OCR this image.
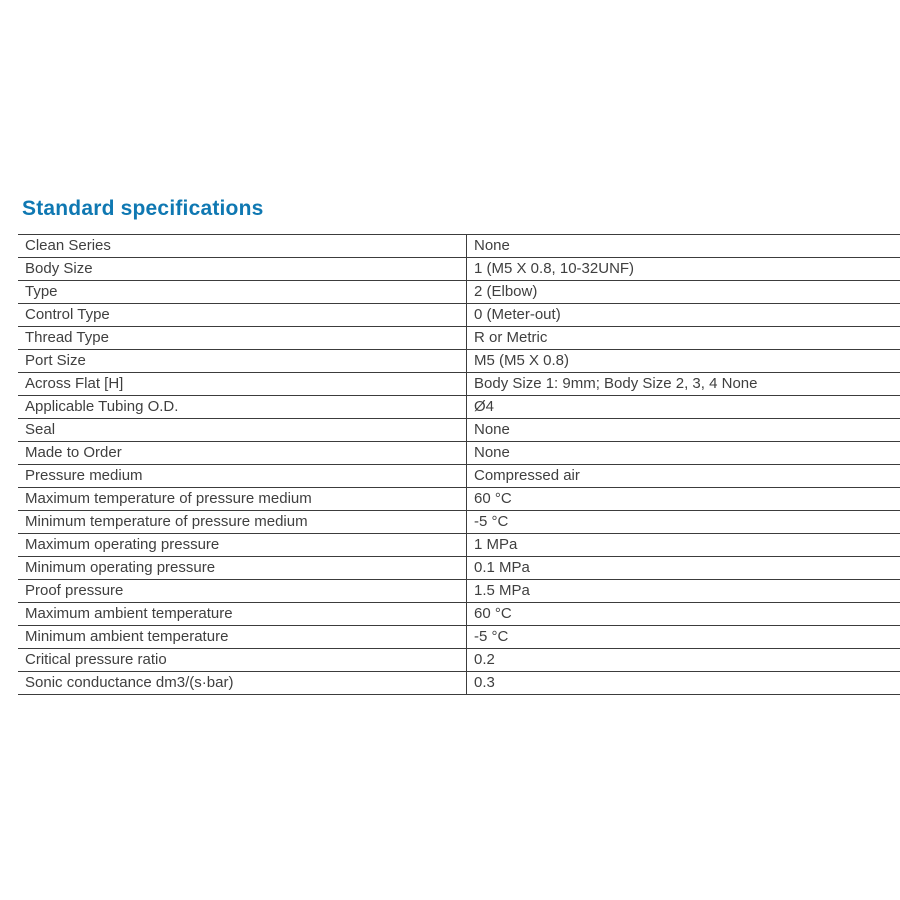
Standard specifications
Clean Series	None
Body Size	1 (M5 X 0.8, 10-32UNF)
Type	2 (Elbow)
Control Type	0 (Meter-out)
Thread Type	R or Metric
Port Size	M5 (M5 X 0.8)
Across Flat [H]	Body Size 1: 9mm; Body Size 2, 3, 4 None
Applicable Tubing O.D.	Ø4
Seal	None
Made to Order	None
Pressure medium	Compressed air
Maximum temperature of pressure medium	60 °C
Minimum temperature of pressure medium	-5 °C
Maximum operating pressure	1 MPa
Minimum operating pressure	0.1 MPa
Proof pressure	1.5 MPa
Maximum ambient temperature	60 °C
Minimum ambient temperature	-5 °C
Critical pressure ratio	0.2
Sonic conductance dm3/(s·bar)	0.3
